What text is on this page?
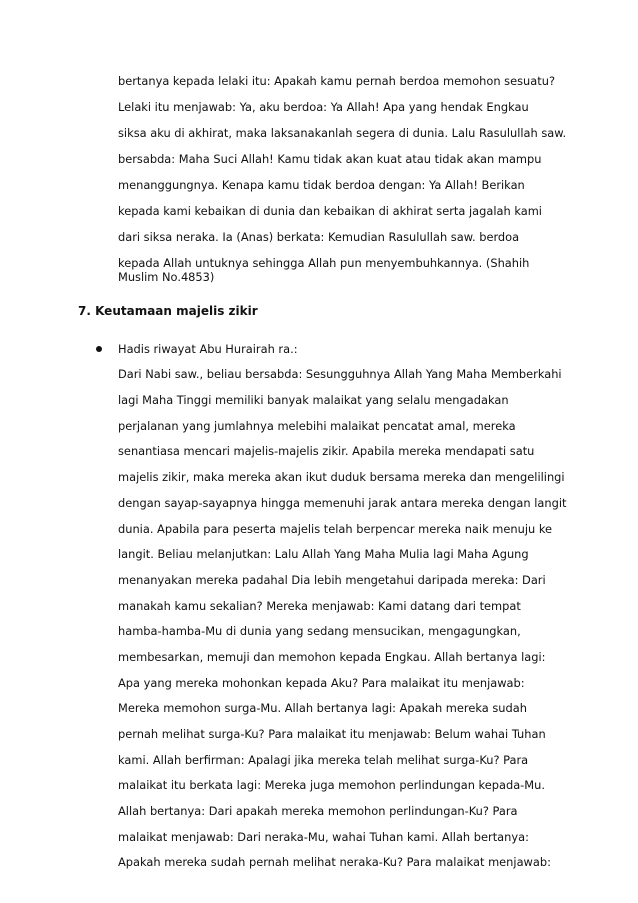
bertanya kepada lelaki itu: Apakah kamu pernah berdoa memohon sesuatu?
Lelaki itu menjawab: Ya, aku berdoa: Ya Allah! Apa yang hendak Engkau
siksa aku di akhirat, maka laksanakanlah segera di dunia. Lalu Rasulullah saw.
bersabda: Maha Suci Allah! Kamu tidak akan kuat atau tidak akan mampu
menanggungnya. Kenapa kamu tidak berdoa dengan: Ya Allah! Berikan
kepada kami kebaikan di dunia dan kebaikan di akhirat serta jagalah kami
dari siksa neraka. Ia (Anas) berkata: Kemudian Rasulullah saw. berdoa
kepada Allah untuknya sehingga Allah pun menyembuhkannya. (Shahih
Muslim No.4853)
7. Keutamaan majelis zikir
Hadis riwayat Abu Hurairah ra.:
Dari Nabi saw., beliau bersabda: Sesungguhnya Allah Yang Maha Memberkahi
lagi Maha Tinggi memiliki banyak malaikat yang selalu mengadakan
perjalanan yang jumlahnya melebihi malaikat pencatat amal, mereka
senantiasa mencari majelis-majelis zikir. Apabila mereka mendapati satu
majelis zikir, maka mereka akan ikut duduk bersama mereka dan mengelilingi
dengan sayap-sayapnya hingga memenuhi jarak antara mereka dengan langit
dunia. Apabila para peserta majelis telah berpencar mereka naik menuju ke
langit. Beliau melanjutkan: Lalu Allah Yang Maha Mulia lagi Maha Agung
menanyakan mereka padahal Dia lebih mengetahui daripada mereka: Dari
manakah kamu sekalian? Mereka menjawab: Kami datang dari tempat
hamba-hamba-Mu di dunia yang sedang mensucikan, mengagungkan,
membesarkan, memuji dan memohon kepada Engkau. Allah bertanya lagi:
Apa yang mereka mohonkan kepada Aku? Para malaikat itu menjawab:
Mereka memohon surga-Mu. Allah bertanya lagi: Apakah mereka sudah
pernah melihat surga-Ku? Para malaikat itu menjawab: Belum wahai Tuhan
kami. Allah berfirman: Apalagi jika mereka telah melihat surga-Ku? Para
malaikat itu berkata lagi: Mereka juga memohon perlindungan kepada-Mu.
Allah bertanya: Dari apakah mereka memohon perlindungan-Ku? Para
malaikat menjawab: Dari neraka-Mu, wahai Tuhan kami. Allah bertanya:
Apakah mereka sudah pernah melihat neraka-Ku? Para malaikat menjawab:
